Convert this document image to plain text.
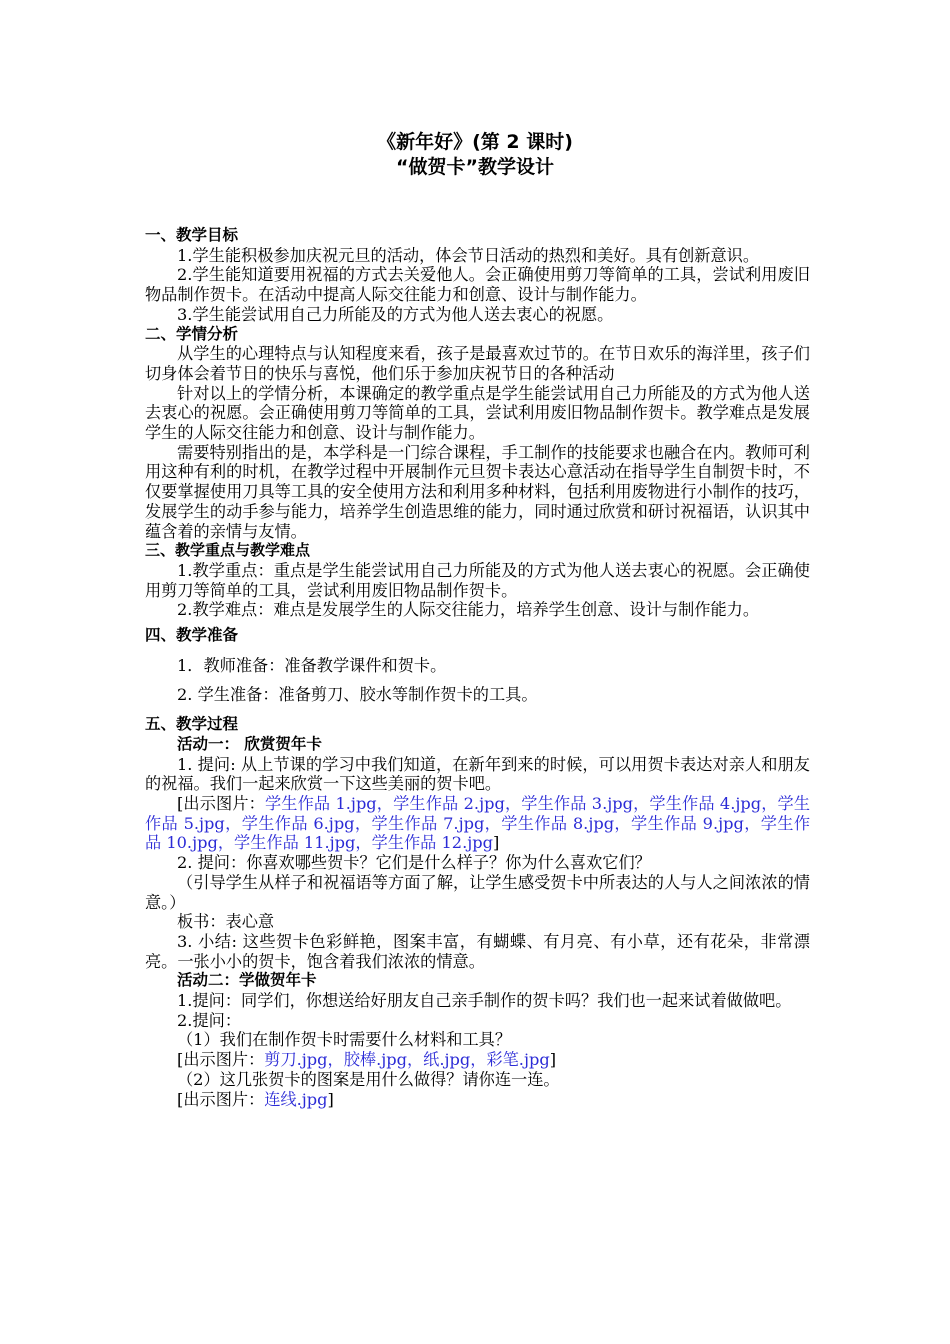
《新年好》(第 2 课时)
“做贺卡”教学设计
一、教学目标

1.学生能积极参加庆祝元旦的活动，体会节日活动的热烈和美好。具有创新意识。

2.学生能知道要用祝福的方式去关爱他人。会正确使用剪刀等简单的工具，尝试利用废旧物品制作贺卡。在活动中提高人际交往能力和创意、设计与制作能力。

3.学生能尝试用自己力所能及的方式为他人送去衷心的祝愿。

二、学情分析

从学生的心理特点与认知程度来看，孩子是最喜欢过节的。在节日欢乐的海洋里，孩子们切身体会着节日的快乐与喜悦，他们乐于参加庆祝节日的各种活动

针对以上的学情分析，本课确定的教学重点是学生能尝试用自己力所能及的方式为他人送去衷心的祝愿。会正确使用剪刀等简单的工具，尝试利用废旧物品制作贺卡。教学难点是发展学生的人际交往能力和创意、设计与制作能力。

需要特别指出的是，本学科是一门综合课程，手工制作的技能要求也融合在内。教师可利用这种有利的时机，在教学过程中开展制作元旦贺卡表达心意活动在指导学生自制贺卡时，不仅要掌握使用刀具等工具的安全使用方法和利用多种材料，包括利用废物进行小制作的技巧，发展学生的动手参与能力，培养学生创造思维的能力，同时通过欣赏和研讨祝福语，认识其中蕴含着的亲情与友情。

三、教学重点与教学难点

1.教学重点：重点是学生能尝试用自己力所能及的方式为他人送去衷心的祝愿。会正确使用剪刀等简单的工具，尝试利用废旧物品制作贺卡。

2.教学难点：难点是发展学生的人际交往能力，培养学生创意、设计与制作能力。

四、教学准备

1．教师准备：准备教学课件和贺卡。

2. 学生准备：准备剪刀、胶水等制作贺卡的工具。

五、教学过程
活动一： 欣赏贺年卡

1. 提问: 从上节课的学习中我们知道，在新年到来的时候，可以用贺卡表达对亲人和朋友的祝福。我们一起来欣赏一下这些美丽的贺卡吧。

[出示图片：学生作品 1.jpg，学生作品 2.jpg，学生作品 3.jpg，学生作品 4.jpg，学生作品 5.jpg，学生作品 6.jpg，学生作品 7.jpg，学生作品 8.jpg，学生作品 9.jpg，学生作品 10.jpg，学生作品 11.jpg，学生作品 12.jpg]

2. 提问：你喜欢哪些贺卡？它们是什么样子？你为什么喜欢它们？

（引导学生从样子和祝福语等方面了解，让学生感受贺卡中所表达的人与人之间浓浓的情意。）

板书：表心意

3. 小结: 这些贺卡色彩鲜艳，图案丰富，有蝴蝶、有月亮、有小草，还有花朵，非常漂亮。一张小小的贺卡，饱含着我们浓浓的情意。

活动二：学做贺年卡

1.提问：同学们，你想送给好朋友自己亲手制作的贺卡吗？我们也一起来试着做做吧。

2.提问：

（1）我们在制作贺卡时需要什么材料和工具？

[出示图片：剪刀.jpg，胶棒.jpg，纸.jpg，彩笔.jpg]

（2）这几张贺卡的图案是用什么做得？请你连一连。

[出示图片：连线.jpg]
